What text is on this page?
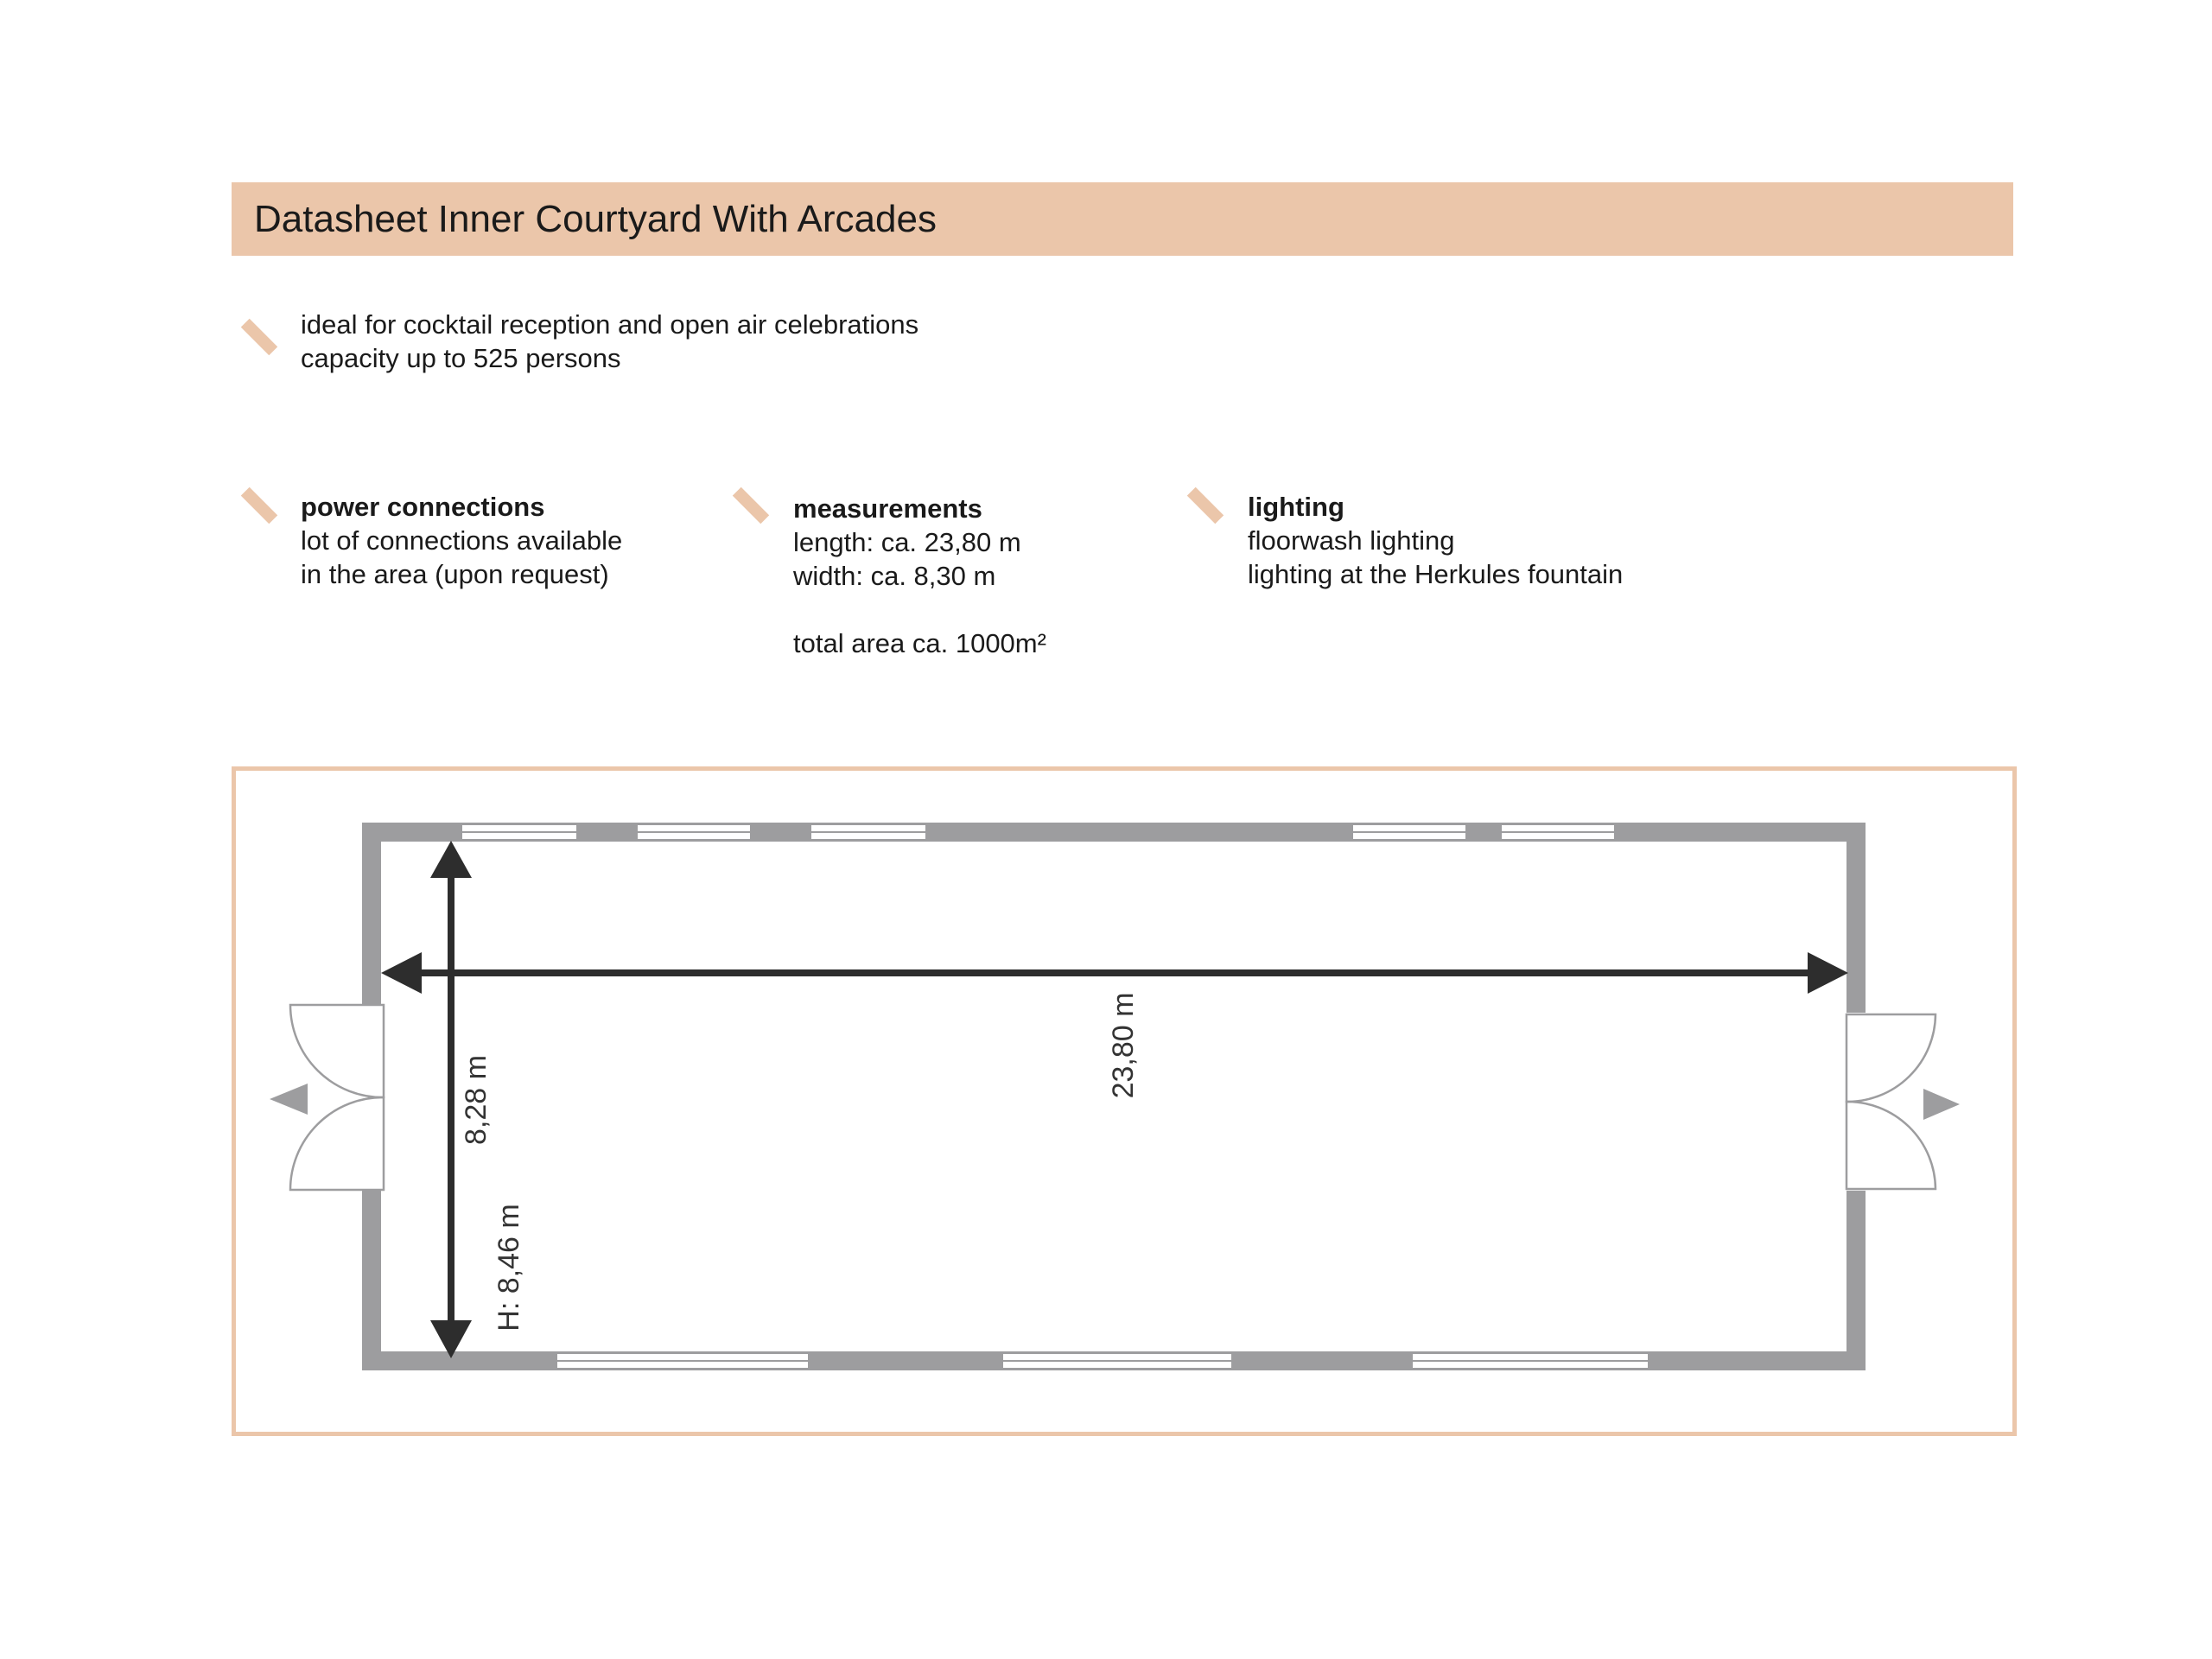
Datasheet Inner Courtyard With Arcades
ideal for cocktail reception and open air celebrations
capacity up to 525 persons
power connections
lot of connections available
in the area (upon request)
measurements
length: ca. 23,80 m
width: ca. 8,30 m
total area ca. 1000m²
lighting
floorwash lighting
lighting at the Herkules fountain
23,80 m
8,28 m
H: 8,46 m
